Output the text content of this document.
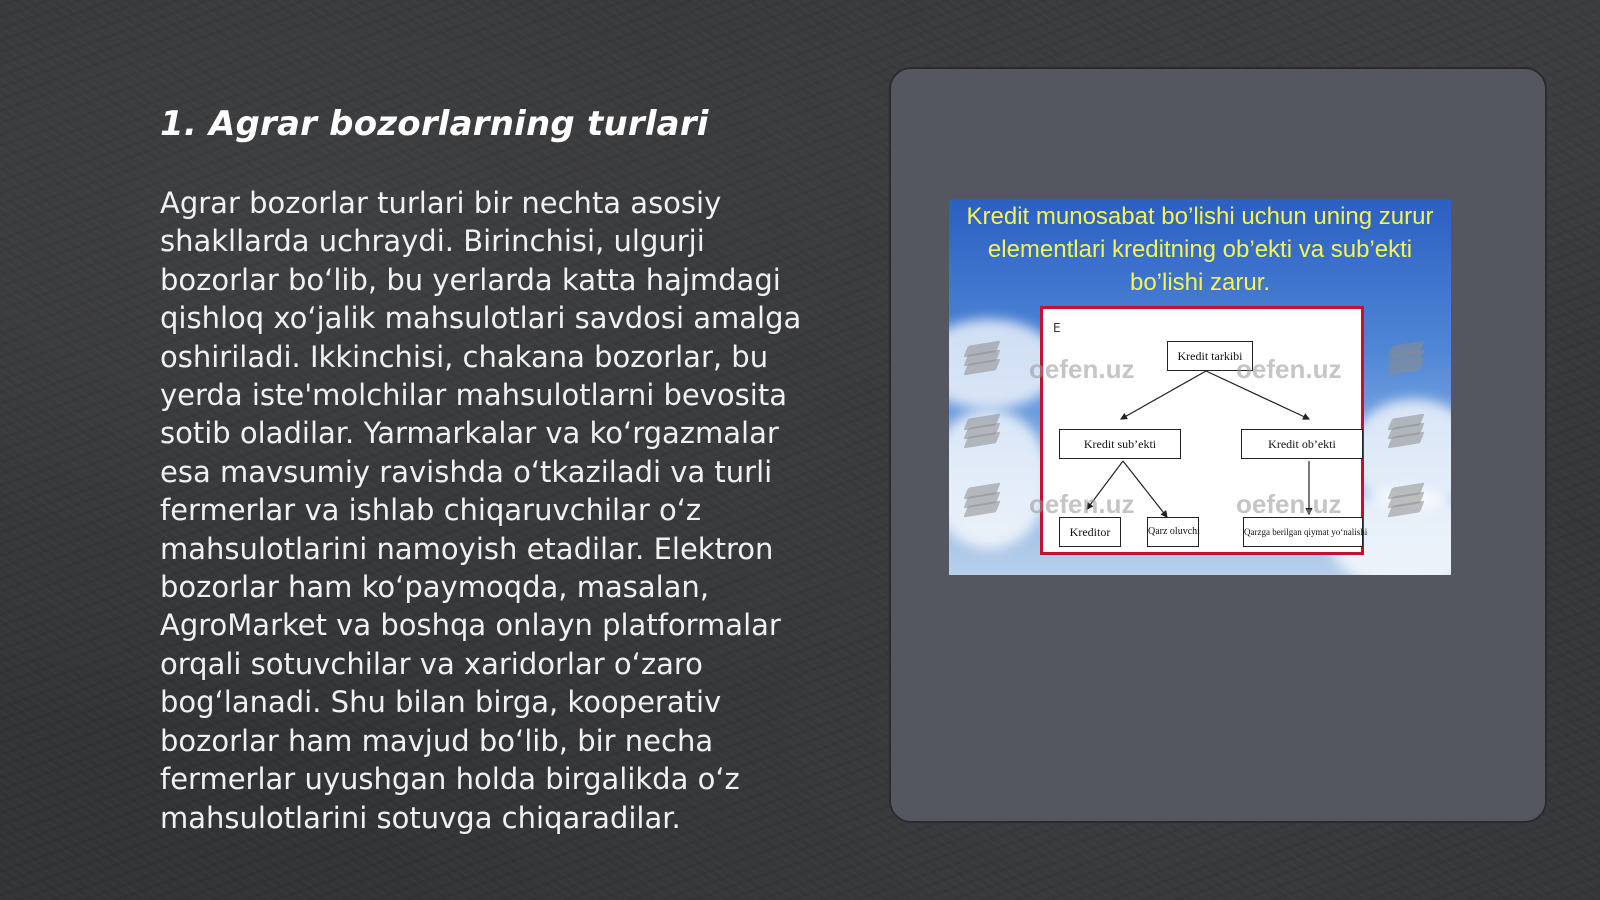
1. Agrar bozorlarning turlari

Agrar bozorlar turlari bir nechta asosiy shakllarda uchraydi. Birinchisi, ulgurji bozorlar bo‘lib, bu yerlarda katta hajmdagi qishloq xo‘jalik mahsulotlari savdosi amalga oshiriladi. Ikkinchisi, chakana bozorlar, bu yerda iste'molchilar mahsulotlarni bevosita sotib oladilar. Yarmarkalar va ko‘rgazmalar esa mavsumiy ravishda o‘tkaziladi va turli fermerlar va ishlab chiqaruvchilar o‘z mahsulotlarini namoyish etadilar. Elektron bozorlar ham ko‘paymoqda, masalan, AgroMarket va boshqa onlayn platformalar orqali sotuvchilar va xaridorlar o‘zaro bog‘lanadi. Shu bilan birga, kooperativ bozorlar ham mavjud bo‘lib, bir necha fermerlar uyushgan holda birgalikda o‘z mahsulotlarini sotuvga chiqaradilar.

Kredit munosabat bo’lishi uchun uning zurur elementlari kreditning ob’ekti va sub’ekti bo’lishi zarur.

E
Kredit tarkibi
Kredit sub’ekti	Kredit ob’ekti
Kreditor	Qarz oluvchi	Qarzga berilgan qiymat yo‘nalishi
oefen.uz	oefen.uz
oefen.uz	oefen.uz
